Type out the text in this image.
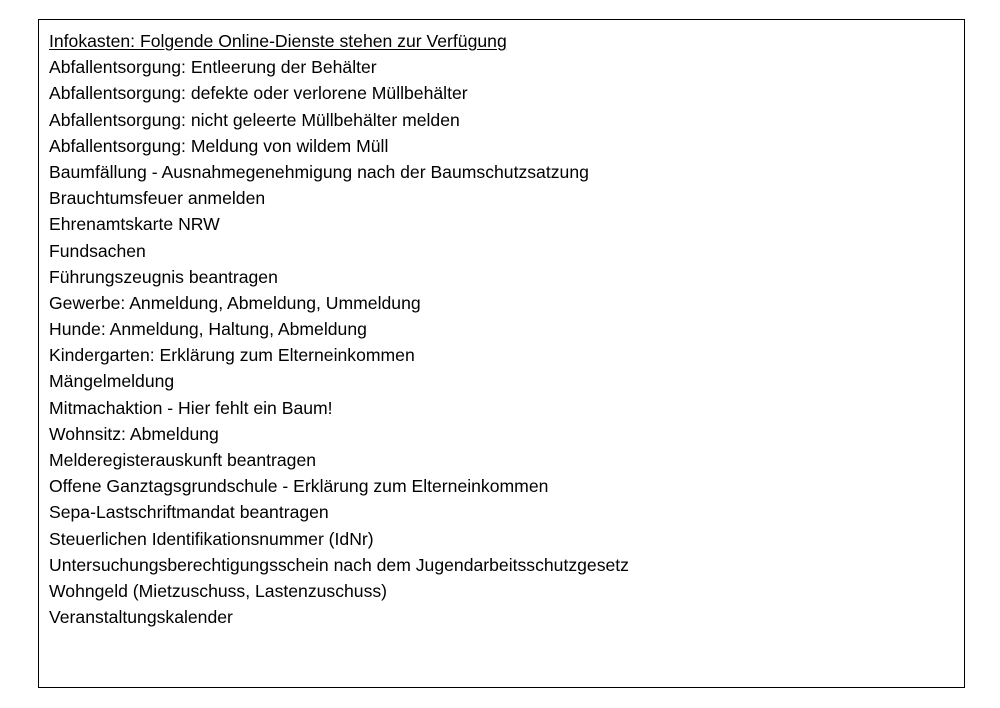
Infokasten: Folgende Online-Dienste stehen zur Verfügung
Abfallentsorgung: Entleerung der Behälter
Abfallentsorgung: defekte oder verlorene Müllbehälter
Abfallentsorgung: nicht geleerte Müllbehälter melden
Abfallentsorgung: Meldung von wildem Müll
Baumfällung - Ausnahmegenehmigung nach der Baumschutzsatzung
Brauchtumsfeuer anmelden
Ehrenamtskarte NRW
Fundsachen
Führungszeugnis beantragen
Gewerbe: Anmeldung, Abmeldung, Ummeldung
Hunde: Anmeldung, Haltung, Abmeldung
Kindergarten: Erklärung zum Elterneinkommen
Mängelmeldung
Mitmachaktion - Hier fehlt ein Baum!
Wohnsitz: Abmeldung
Melderegisterauskunft beantragen
Offene Ganztagsgrundschule - Erklärung zum Elterneinkommen
Sepa-Lastschriftmandat beantragen
Steuerlichen Identifikationsnummer (IdNr)
Untersuchungsberechtigungsschein nach dem Jugendarbeitsschutzgesetz
Wohngeld (Mietzuschuss, Lastenzuschuss)
Veranstaltungskalender
